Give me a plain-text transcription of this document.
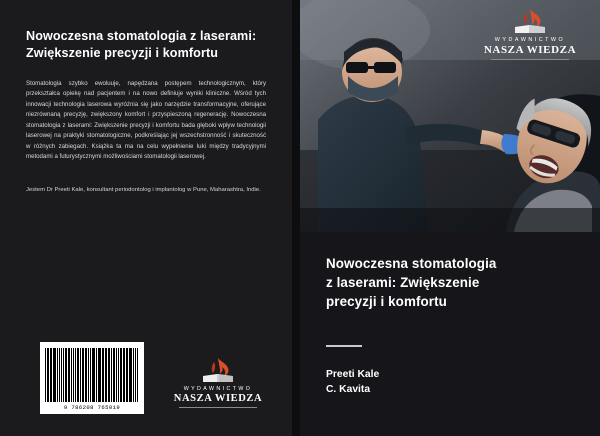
Nowoczesna stomatologia z laserami: Zwiększenie precyzji i komfortu
Stomatologia szybko ewoluuje, napędzana postępem technologicznym, który przekształca opiekę nad pacjentem i na nowo definiuje wyniki kliniczne. Wśród tych innowacji technologia laserowa wyróżnia się jako narzędzie transformacyjne, oferujące niezrównaną precyzję, zwiększony komfort i przyspieszoną regenerację. Nowoczesna stomatologia z laserami: Zwiększenie precyzji i komfortu bada głęboki wpływ technologii laserowej na praktyki stomatologiczne, podkreślając jej wszechstronność i skuteczność w różnych zabiegach. Książka ta ma na celu wypełnienie luki między tradycyjnymi metodami a futurystycznymi możliwościami stomatologii laserowej.
Jestem Dr Preeti Kale, konsultant periodontolog i implantolog w Pune, Maharashtra, Indie.
9 786208 765019
WYDAWNICTWO
NASZA WIEDZA
WYDAWNICTWO
NASZA WIEDZA
Nowoczesna stomatologia
z laserami: Zwiększenie
precyzji i komfortu
Preeti Kale
C. Kavita
